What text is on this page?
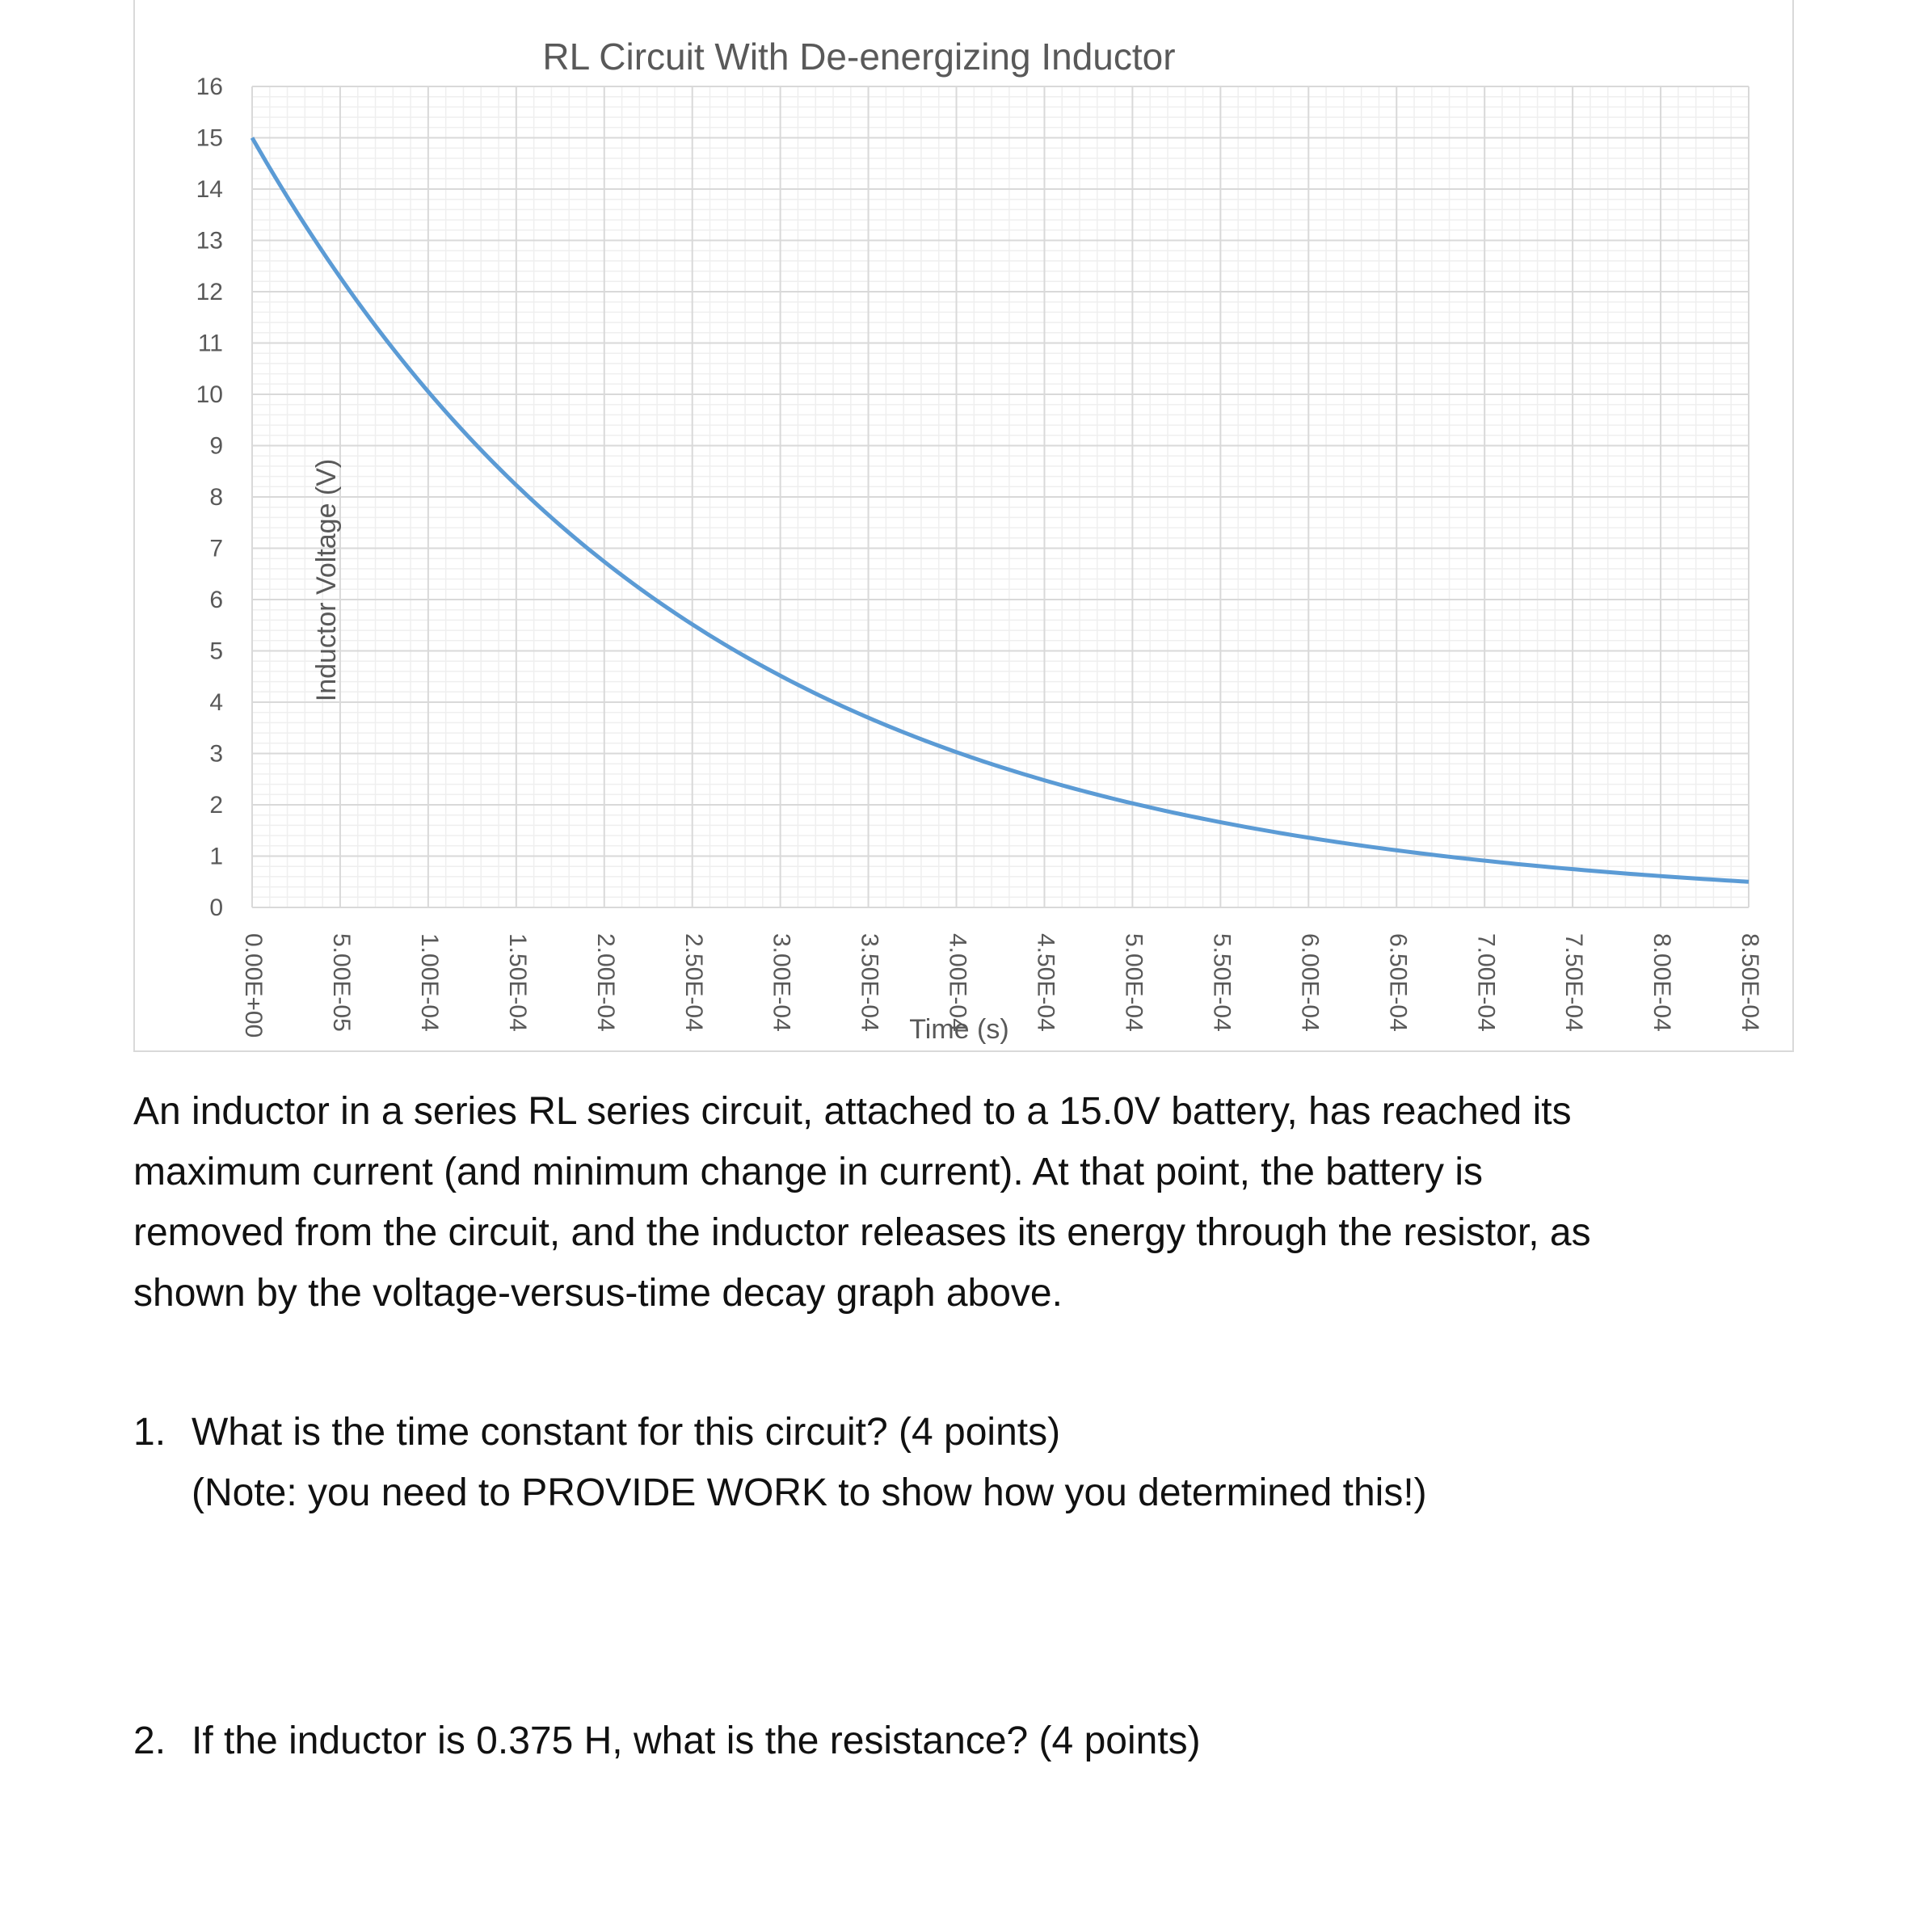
0.00E+00	5.00E-05	1.00E-04	1.50E-04	2.00E-04	2.50E-04	3.00E-04	3.50E-04	4.00E-04	4.50E-04	5.00E-04	5.50E-04	6.00E-04	6.50E-04	7.00E-04	7.50E-04	8.00E-04	8.50E-04
0
1
2
3
4
5
6
7
8
9
10
11
12
13
14
15
16
RL Circuit With De-energizing Inductor
Time (s)
Inductor Voltage (V)
An inductor in a series RL series circuit, attached to a 15.0V battery, has reached its
maximum current (and minimum change in current). At that point, the battery is
removed from the circuit, and the inductor releases its energy through the resistor, as
shown by the voltage-versus-time decay graph above.
1. What is the time constant for this circuit? (4 points)
(Note: you need to PROVIDE WORK to show how you determined this!)
2. If the inductor is 0.375 H, what is the resistance? (4 points)
